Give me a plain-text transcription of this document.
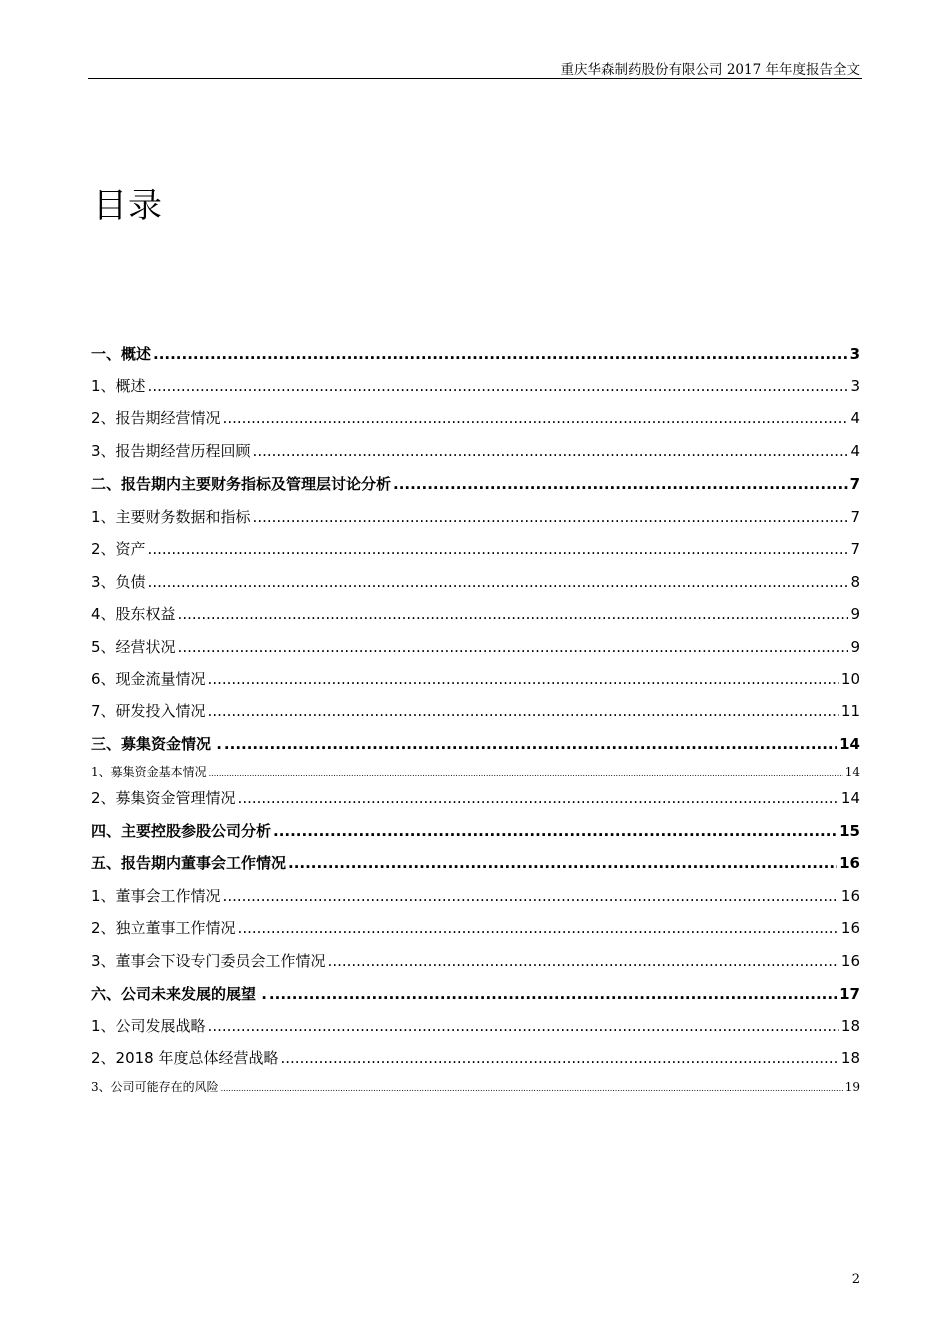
重庆华森制药股份有限公司 2017 年年度报告全文
目录
一、概述 .....	3
1、概述 .....	3
2、报告期经营情况 .....	4
3、报告期经营历程回顾 .....	4
二、报告期内主要财务指标及管理层讨论分析 .....	7
1、主要财务数据和指标 .....	7
2、资产 .....	7
3、负债 .....	8
4、股东权益 .....	9
5、经营状况 .....	9
6、现金流量情况 .....	10
7、研发投入情况 .....	11
三、募集资金情况 . .....	14
1、募集资金基本情况 .....	14
2、募集资金管理情况 .....	14
四、主要控股参股公司分析 .....	15
五、报告期内董事会工作情况 .....	16
1、董事会工作情况 .....	16
2、独立董事工作情况 .....	16
3、董事会下设专门委员会工作情况 .....	16
六、公司未来发展的展望 . .....	17
1、公司发展战略 .....	18
2、2018 年度总体经营战略 .....	18
3、公司可能存在的风险 .....	19
2
